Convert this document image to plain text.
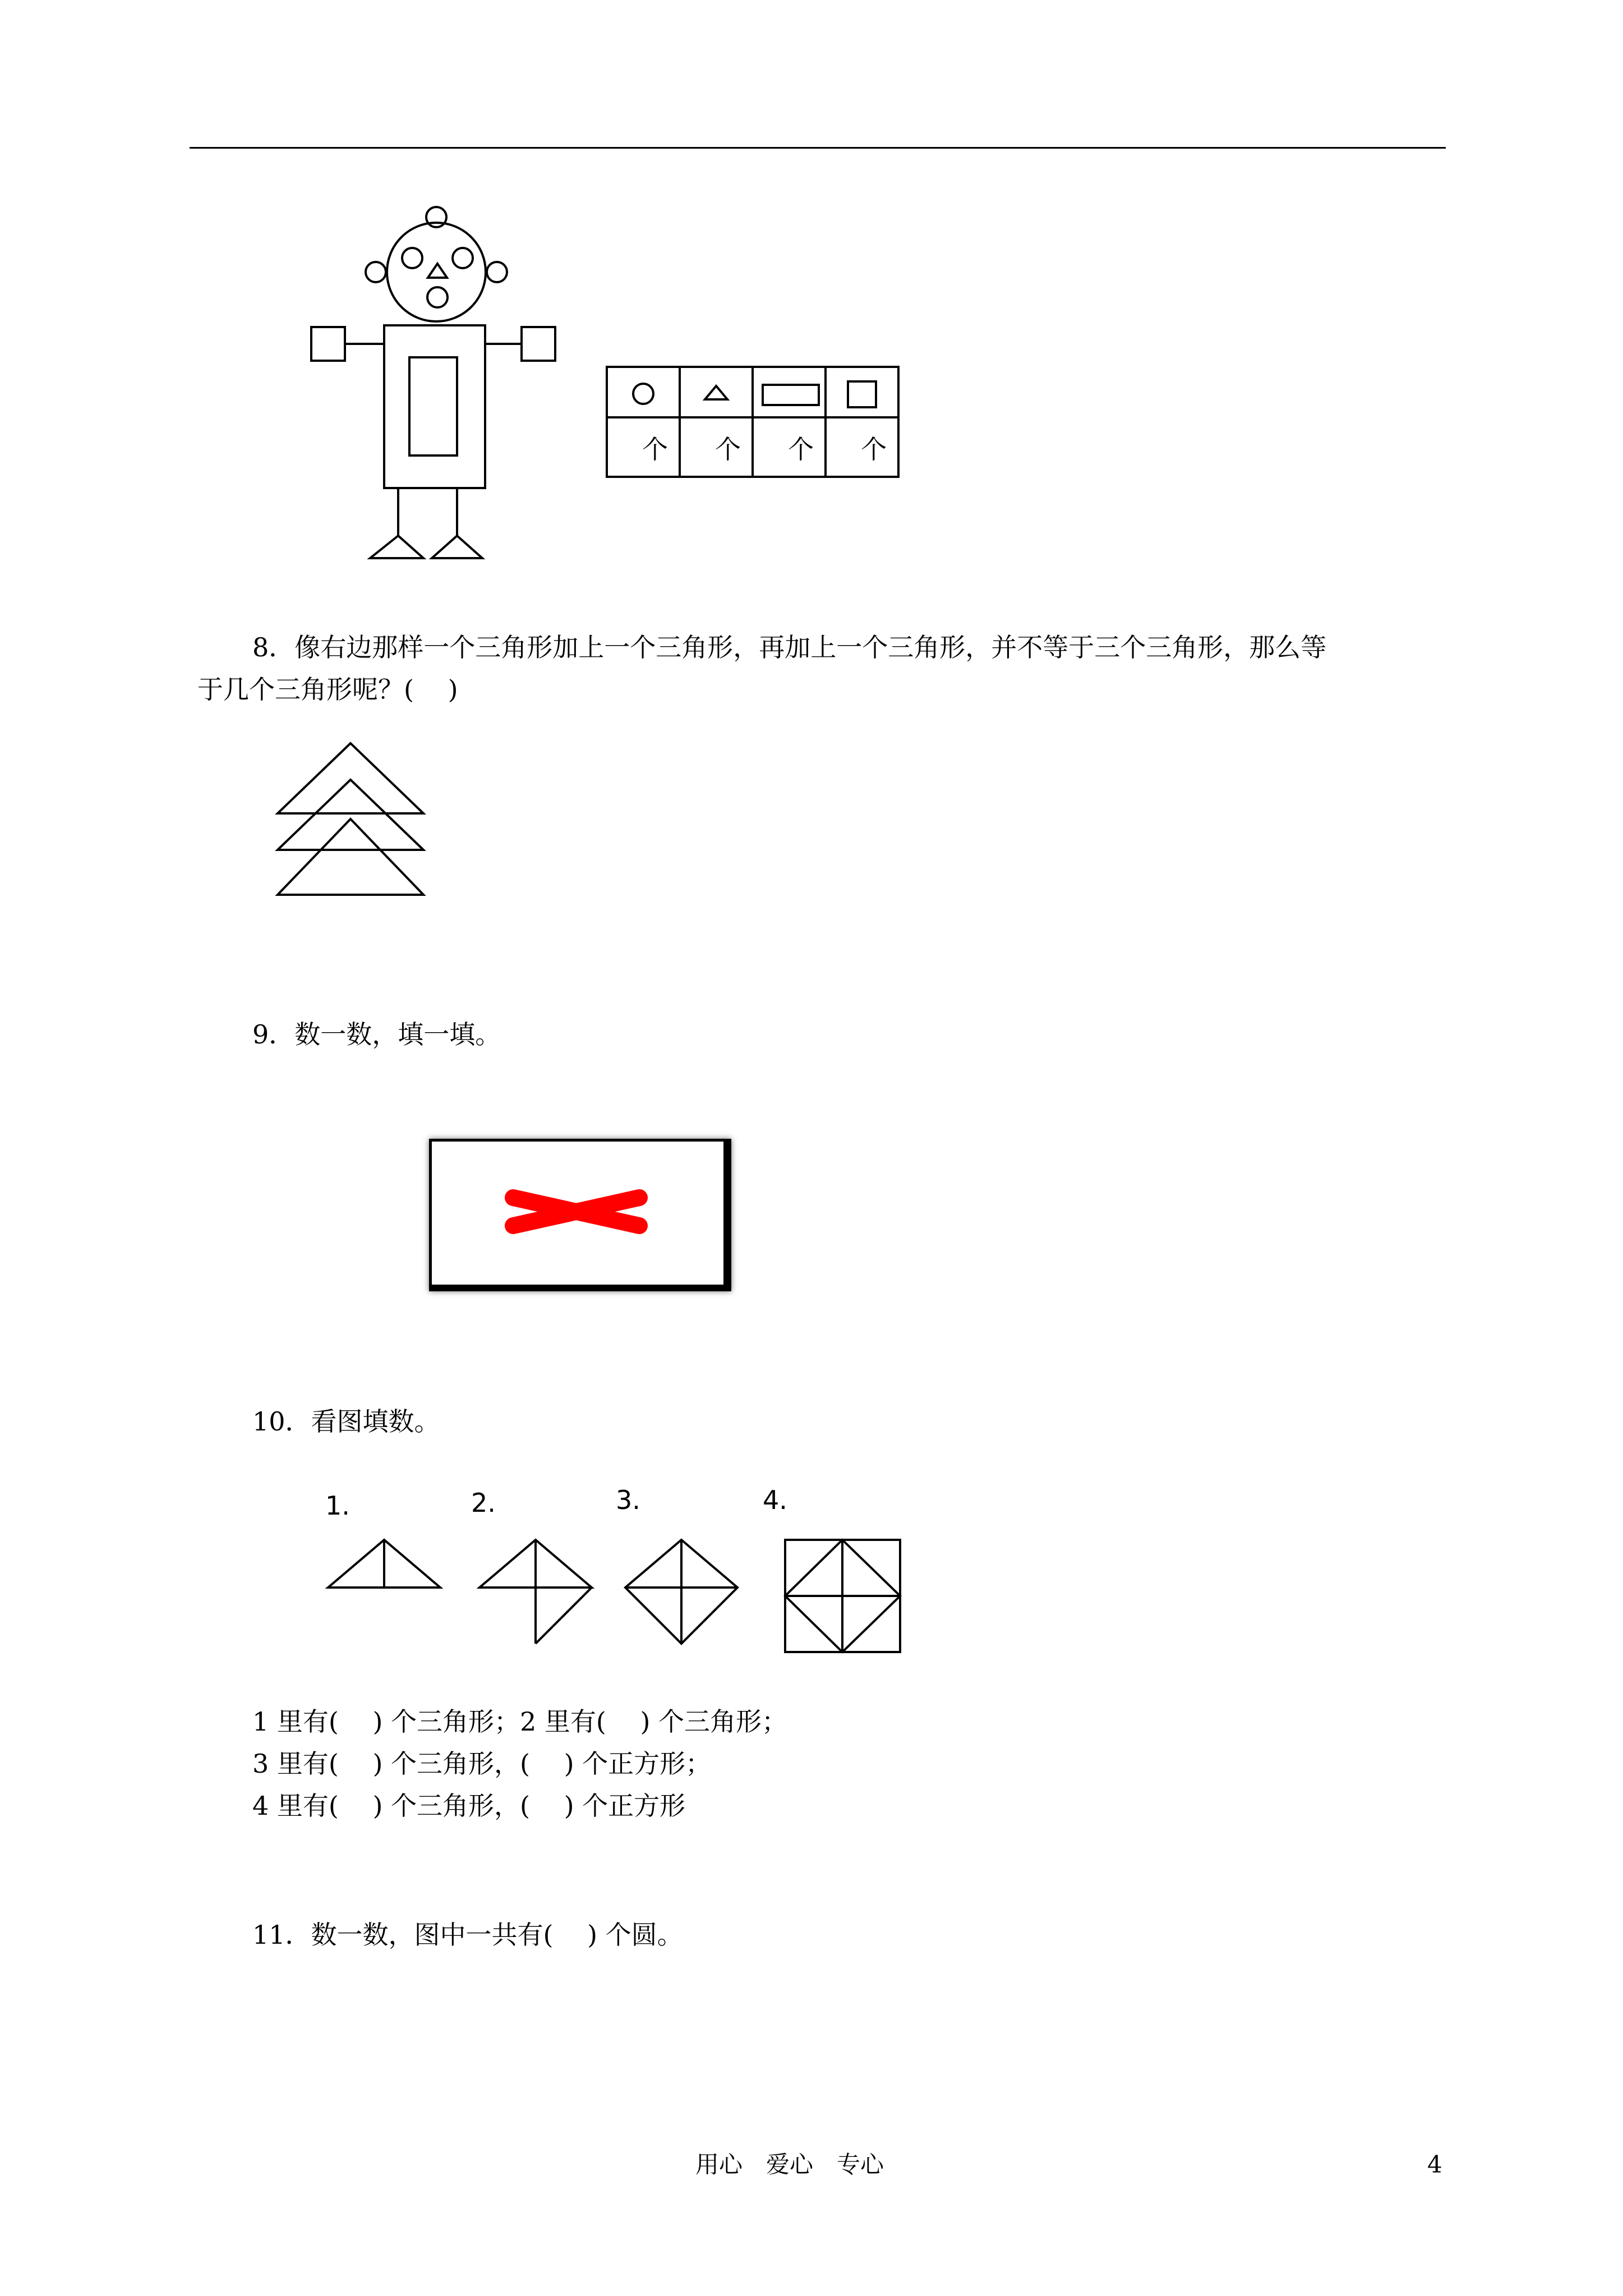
个 个 个 个
8．像右边那样一个三角形加上一个三角形，再加上一个三角形，并不等于三个三角形，那么等
于几个三角形呢？(　 )
9．数一数，填一填。
10．看图填数。
1.	2.	3.	4.
1 里有(　 ) 个三角形；2 里有(　 ) 个三角形；
3 里有(　 ) 个三角形，(　 ) 个正方形；
4 里有(　 ) 个三角形，(　 ) 个正方形
11．数一数，图中一共有(　 ) 个圆。
用心　爱心　专心	4
